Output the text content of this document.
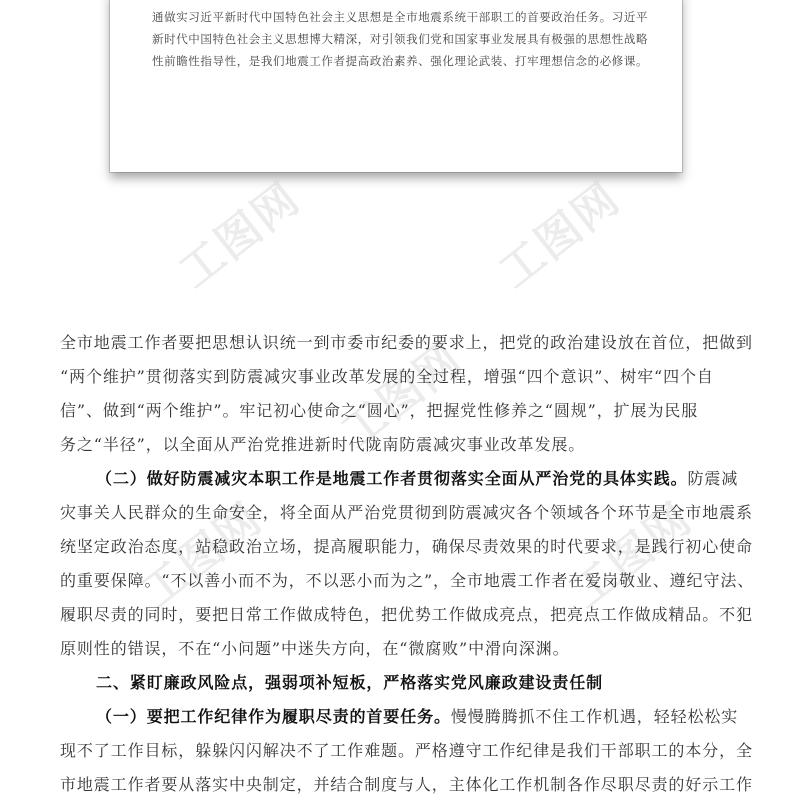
通做实习近平新时代中国特色社会主义思想是全市地震系统干部职工的首要政治任务。习近平

新时代中国特色社会主义思想博大精深，对引领我们党和国家事业发展具有极强的思想性战略

性前瞻性指导性，是我们地震工作者提高政治素养、强化理论武装、打牢理想信念的必修课。

工图网	工图网
工图网
工图网	工图网
全市地震工作者要把思想认识统一到市委市纪委的要求上，把党的政治建设放在首位，把做到
“两个维护”贯彻落实到防震减灾事业改革发展的全过程，增强“四个意识”、树牢“四个自
信”、做到“两个维护”。牢记初心使命之“圆心”，把握党性修养之“圆规”，扩展为民服
务之“半径”，以全面从严治党推进新时代陇南防震减灾事业改革发展。
（二）做好防震减灾本职工作是地震工作者贯彻落实全面从严治党的具体实践。防震减
灾事关人民群众的生命安全，将全面从严治党贯彻到防震减灾各个领域各个环节是全市地震系
统坚定政治态度，站稳政治立场，提高履职能力，确保尽责效果的时代要求，是践行初心使命
的重要保障。“不以善小而不为，不以恶小而为之”，全市地震工作者在爱岗敬业、遵纪守法、
履职尽责的同时，要把日常工作做成特色，把优势工作做成亮点，把亮点工作做成精品。不犯
原则性的错误，不在“小问题”中迷失方向，在“微腐败”中滑向深渊。
二、紧盯廉政风险点，强弱项补短板，严格落实党风廉政建设责任制
（一）要把工作纪律作为履职尽责的首要任务。慢慢腾腾抓不住工作机遇，轻轻松松实
现不了工作目标，躲躲闪闪解决不了工作难题。严格遵守工作纪律是我们干部职工的本分，全
市地震工作者要从落实中央制定，并结合制度与人，主体化工作机制各作尽职尽责的好示工作
